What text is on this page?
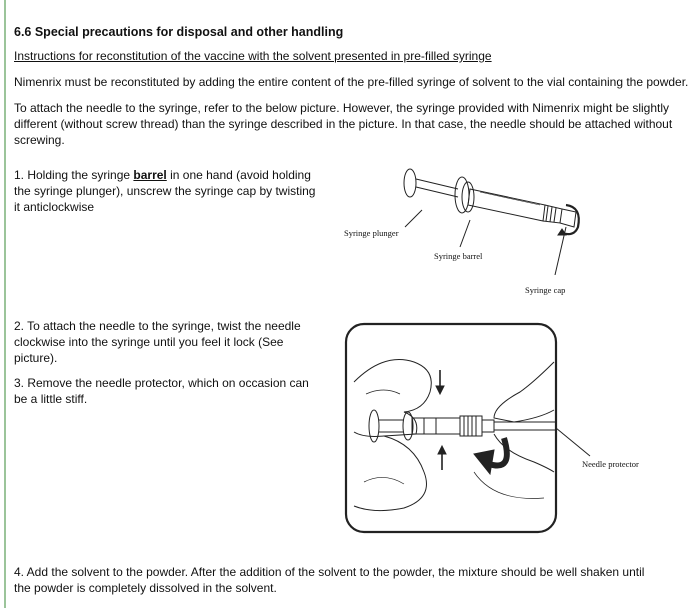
6.6 Special precautions for disposal and other handling
Instructions for reconstitution of the vaccine with the solvent presented in pre-filled syringe
Nimenrix must be reconstituted by adding the entire content of the pre-filled syringe of solvent to the vial containing the powder.
To attach the needle to the syringe, refer to the below picture. However, the syringe provided with Nimenrix might be slightly
different (without screw thread) than the syringe described in the picture. In that case, the needle should be attached without
screwing.
1. Holding the syringe barrel in one hand (avoid holding
the syringe plunger), unscrew the syringe cap by twisting
it anticlockwise
Syringe plunger
Syringe barrel
Syringe cap
2. To attach the needle to the syringe, twist the needle
clockwise into the syringe until you feel it lock (See
picture).
3. Remove the needle protector, which on occasion can
be a little stiff.
Needle protector
4. Add the solvent to the powder. After the addition of the solvent to the powder, the mixture should be well shaken until
the powder is completely dissolved in the solvent.
